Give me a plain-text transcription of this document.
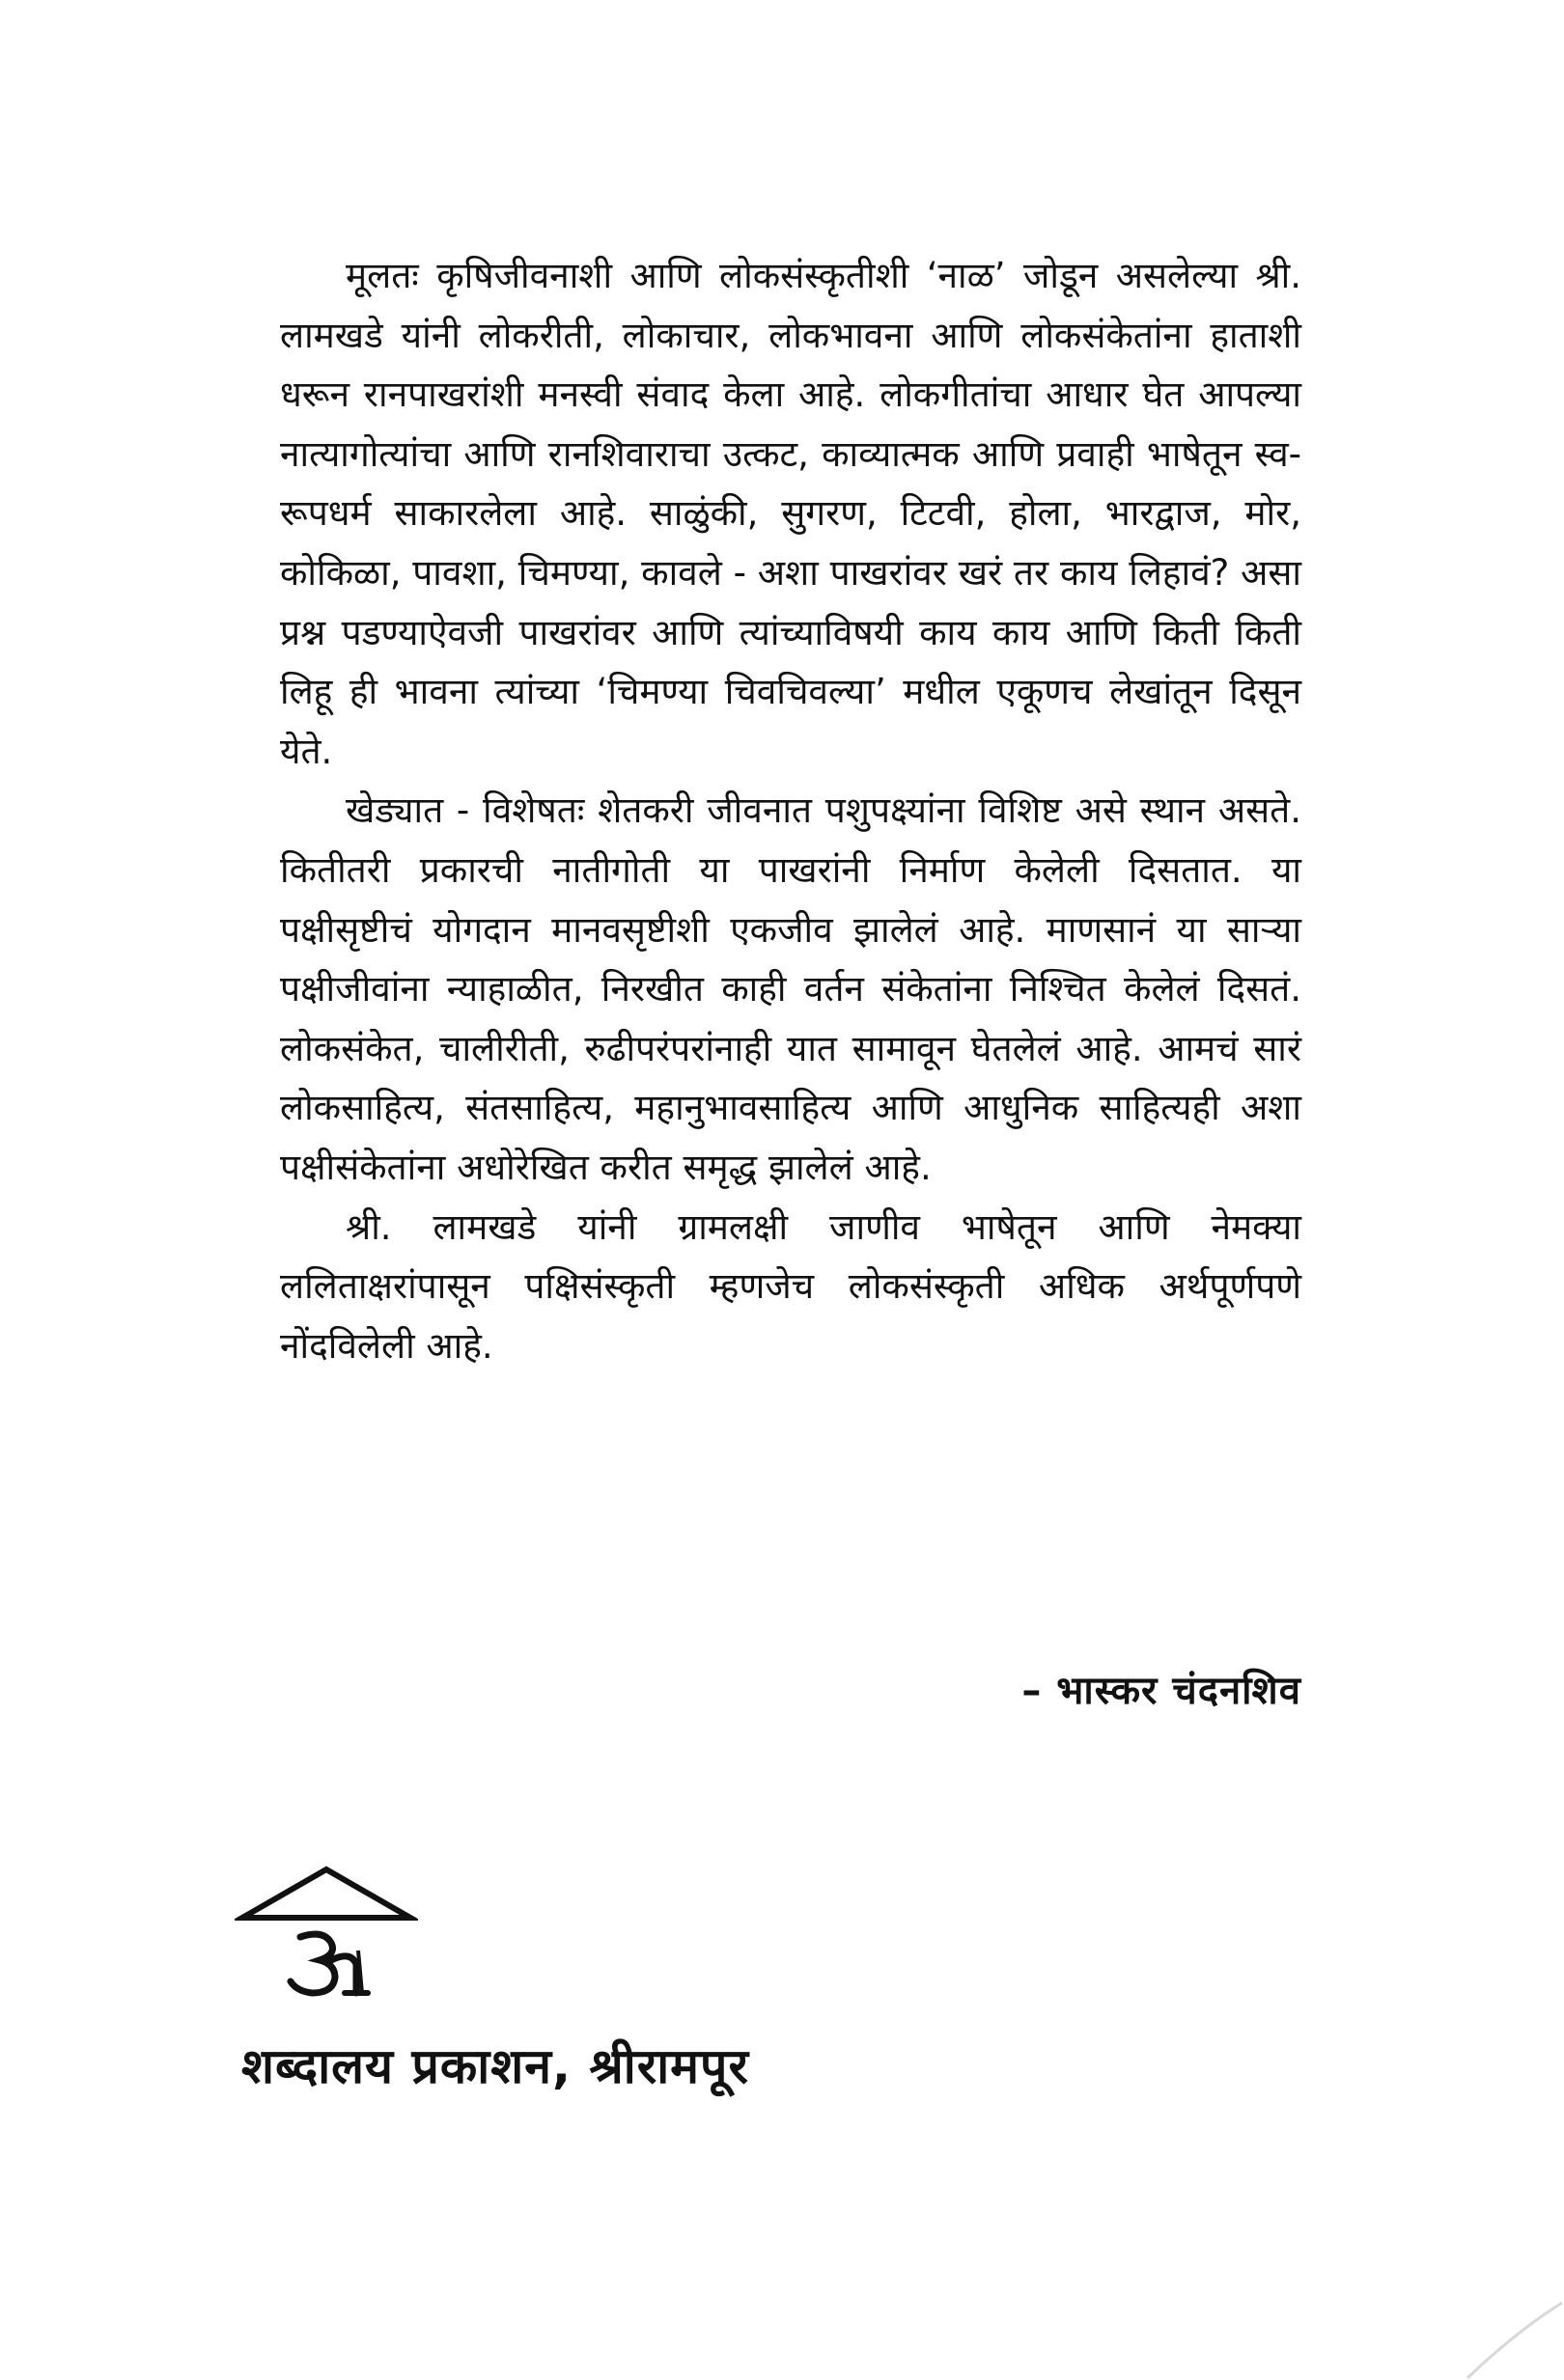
मूलतः कृषिजीवनाशी आणि लोकसंस्कृतीशी ‘नाळ’ जोडून असलेल्या श्री. लामखडे यांनी लोकरीती, लोकाचार, लोकभावना आणि लोकसंकेतांना हाताशी धरून रानपाखरांशी मनस्वी संवाद केला आहे. लोकगीतांचा आधार घेत आपल्या नात्यागोत्यांचा आणि रानशिवाराचा उत्कट, काव्यात्मक आणि प्रवाही भाषेतून स्व-रूपधर्म साकारलेला आहे. साळुंकी, सुगरण, टिटवी, होला, भारद्वाज, मोर, कोकिळा, पावशा, चिमण्या, कावले - अशा पाखरांवर खरं तर काय लिहावं? असा प्रश्न पडण्याऐवजी पाखरांवर आणि त्यांच्याविषयी काय काय आणि किती किती लिहू ही भावना त्यांच्या ‘चिमण्या चिवचिवल्या’ मधील एकूणच लेखांतून दिसून येते.

खेड्यात - विशेषतः शेतकरी जीवनात पशुपक्ष्यांना विशिष्ट असे स्थान असते. कितीतरी प्रकारची नातीगोती या पाखरांनी निर्माण केलेली दिसतात. या पक्षीसृष्टीचं योगदान मानवसृष्टीशी एकजीव झालेलं आहे. माणसानं या साऱ्या पक्षीजीवांना न्याहाळीत, निरखीत काही वर्तन संकेतांना निश्चित केलेलं दिसतं. लोकसंकेत, चालीरीती, रुढीपरंपरांनाही यात सामावून घेतलेलं आहे. आमचं सारं लोकसाहित्य, संतसाहित्य, महानुभावसाहित्य आणि आधुनिक साहित्यही अशा पक्षीसंकेतांना अधोरेखित करीत समृद्ध झालेलं आहे.

श्री. लामखडे यांनी ग्रामलक्षी जाणीव भाषेतून आणि नेमक्या ललिताक्षरांपासून पक्षिसंस्कृती म्हणजेच लोकसंस्कृती अधिक अर्थपूर्णपणे नोंदविलेली आहे.

– भास्कर चंदनशिव
शब्दालय प्रकाशन, श्रीरामपूर
